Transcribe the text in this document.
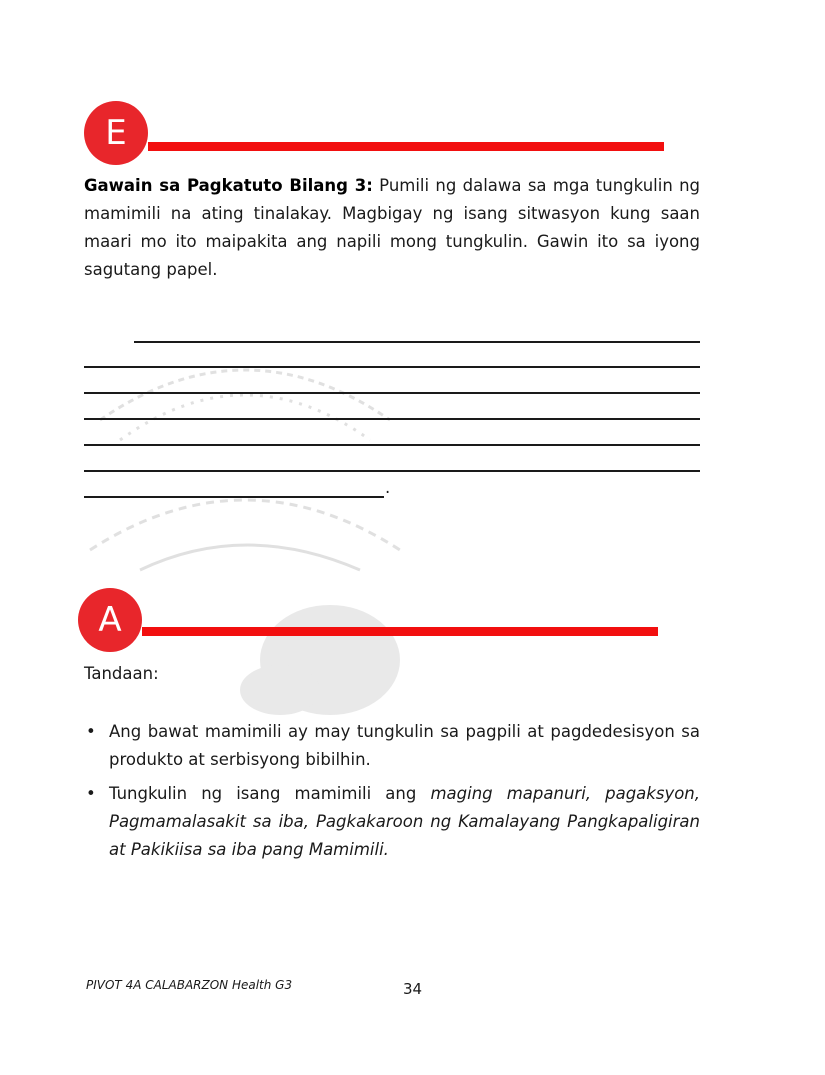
E

Gawain sa Pagkatuto Bilang 3: Pumili ng dalawa sa mga tungkulin ng mamimili na ating tinalakay. Magbigay ng isang sitwasyon kung saan maari mo ito maipakita ang napili mong tungkulin. Gawin ito sa iyong sagutang papel.

.
A
Tandaan:
• Ang bawat mamimili ay may tungkulin sa pagpili at pagdedesisyon sa produkto at serbisyong bibilhin.
• Tungkulin ng isang mamimili ang maging mapanuri, pagaksyon, Pagmamalasakit sa iba, Pagkakaroon ng Kamalayang Pangkapaligiran at Pakikiisa sa iba pang Mamimili.
PIVOT 4A CALABARZON Health G3	34
